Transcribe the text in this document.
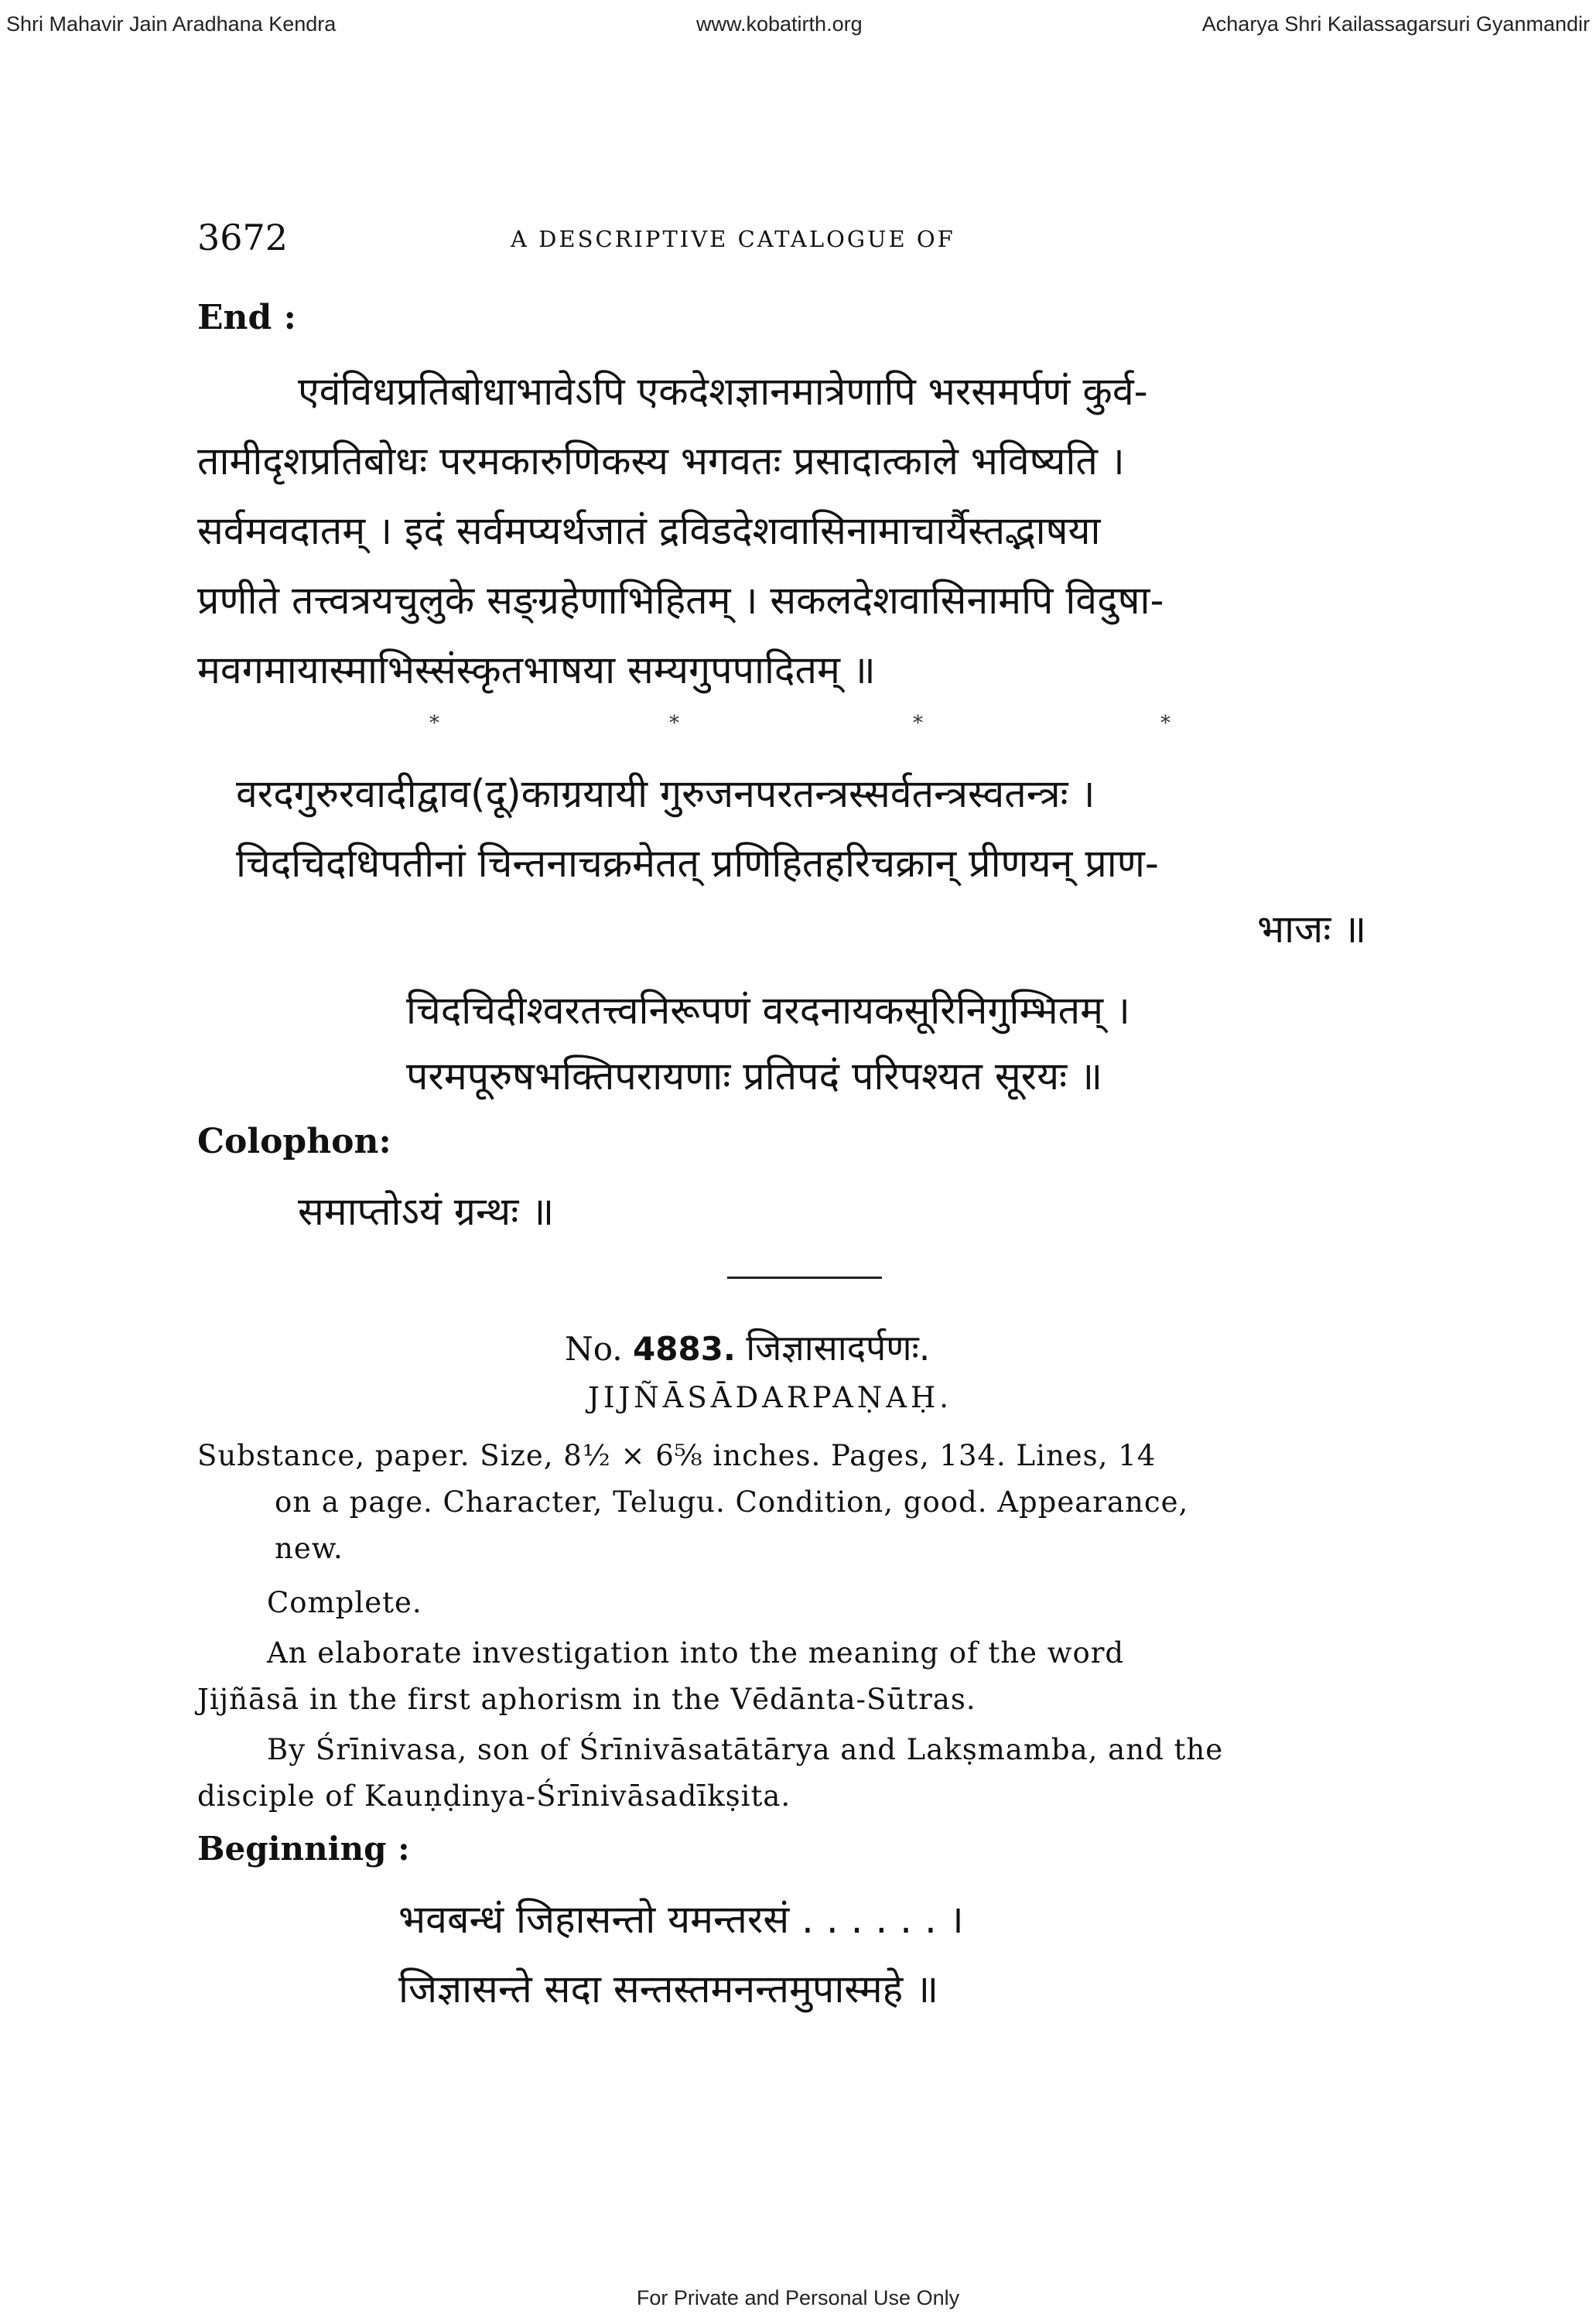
Shri Mahavir Jain Aradhana Kendra	www.kobatirth.org	Acharya Shri Kailassagarsuri Gyanmandir
3672	A DESCRIPTIVE CATALOGUE OF
End :
एवंविधप्रतिबोधाभावेऽपि एकदेशज्ञानमात्रेणापि भरसमर्पणं कुर्व-
तामीदृशप्रतिबोधः परमकारुणिकस्य भगवतः प्रसादात्काले भविष्यति ।
सर्वमवदातम् । इदं सर्वमप्यर्थजातं द्रविडदेशवासिनामाचार्यैस्तद्भाषया
प्रणीते तत्त्वत्रयचुलुके सङ्ग्रहेणाभिहितम् । सकलदेशवासिनामपि विदुषा-
मवगमायास्माभिस्संस्कृतभाषया सम्यगुपपादितम् ॥
*	*	*	*
वरदगुरुरवादीद्वाव(दू)काग्रयायी गुरुजनपरतन्त्रस्सर्वतन्त्रस्वतन्त्रः ।
चिदचिदधिपतीनां चिन्तनाचक्रमेतत् प्रणिहितहरिचक्रान् प्रीणयन् प्राण-
भाजः ॥
चिदचिदीश्वरतत्त्वनिरूपणं वरदनायकसूरिनिगुम्भितम् ।
परमपूरुषभक्तिपरायणाः प्रतिपदं परिपश्यत सूरयः ॥
Colophon:
समाप्तोऽयं ग्रन्थः ॥
No. 4883. जिज्ञासादर्पणः.
JIJÑĀSĀDARPAṆAḤ.
Substance, paper. Size, 8½ × 6⅝ inches. Pages, 134. Lines, 14
on a page. Character, Telugu. Condition, good. Appearance,
new.
Complete.
An elaborate investigation into the meaning of the word
Jijñāsā in the first aphorism in the Vēdānta-Sūtras.
By Śrīnivasa, son of Śrīnivāsatātārya and Lakṣmamba, and the
disciple of Kauṇḍinya-Śrīnivāsadīkṣita.
Beginning :
भवबन्धं जिहासन्तो यमन्तरसं . . . . . . ।
जिज्ञासन्ते सदा सन्तस्तमनन्तमुपास्महे ॥
For Private and Personal Use Only
